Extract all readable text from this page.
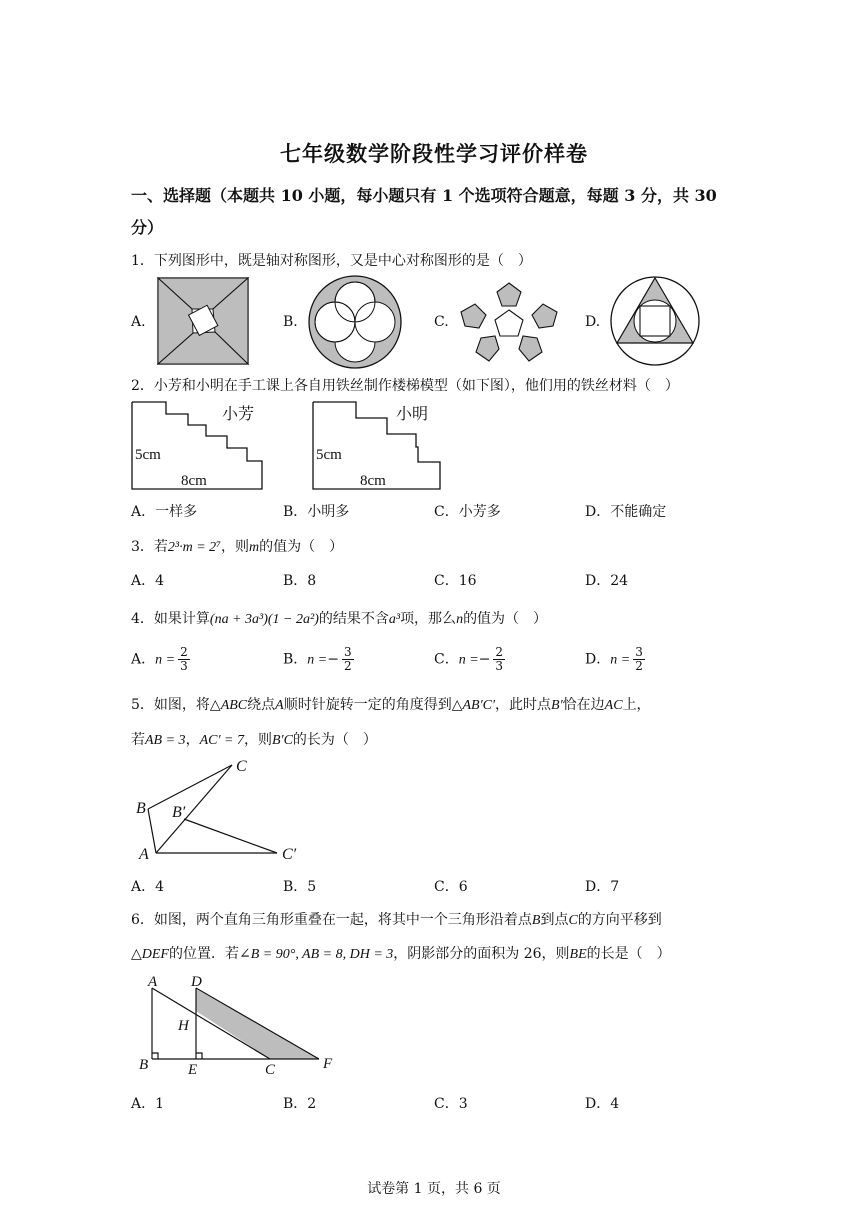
七年级数学阶段性学习评价样卷
一、选择题（本题共 10 小题，每小题只有 1 个选项符合题意，每题 3 分，共 30
分）
1．下列图形中，既是轴对称图形，又是中心对称图形的是（　）
A.	B.	C.	D.
2．小芳和小明在手工课上各自用铁丝制作楼梯模型（如下图），他们用的铁丝材料（　）
小芳
5cm
8cm
小明
5cm
8cm
A．一样多	B．小明多	C．小芳多	D．不能确定
3．若2³·m = 2⁷，则m的值为（　）
A．4	B．8	C．16	D．24
4．如果计算(na + 3a³)(1 − 2a²)的结果不含a³项，那么n的值为（　）
A．$n = \frac{2}{3}$	B．$n =- \frac{3}{2}$	C．$n =- \frac{2}{3}$	D．$n = \frac{3}{2}$
5．如图，将△ABC绕点A顺时针旋转一定的角度得到△AB′C′，此时点B′恰在边AC上，
若AB = 3，AC′ = 7，则B′C的长为（　）
C
B B′
A	C′
A．4	B．5	C．6	D．7
6．如图，两个直角三角形重叠在一起，将其中一个三角形沿着点B到点C的方向平移到
△DEF的位置．若∠B = 90°, AB = 8, DH = 3，阴影部分的面积为 26，则BE的长是（　）
A D
H
B	E	C	F
A．1	B．2	C．3	D．4
试卷第 1 页，共 6 页
